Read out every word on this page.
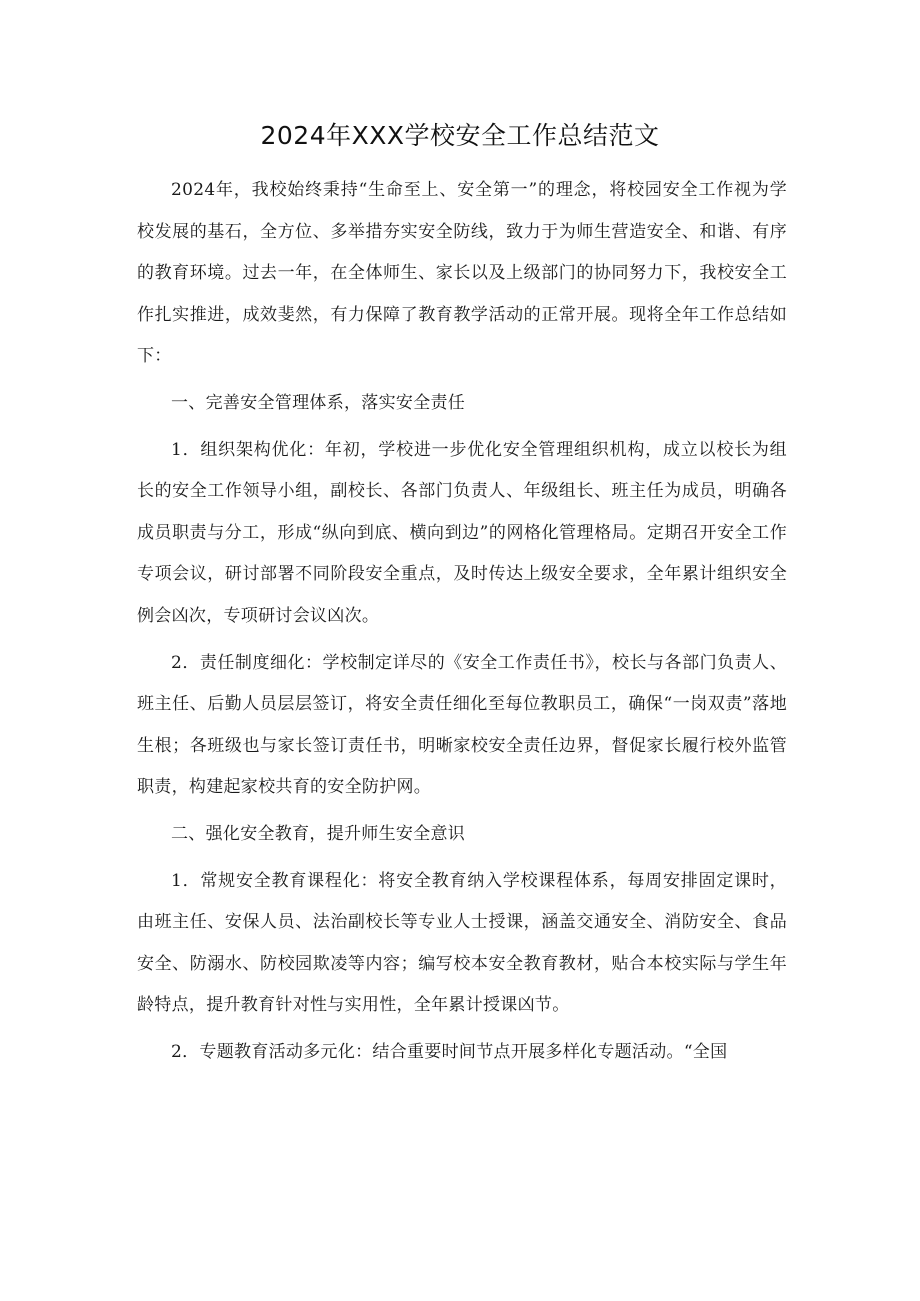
2024年XXX学校安全工作总结范文

2024年，我校始终秉持“生命至上、安全第一”的理念，将校园安全工作视为学校发展的基石，全方位、多举措夯实安全防线，致力于为师生营造安全、和谐、有序的教育环境。过去一年，在全体师生、家长以及上级部门的协同努力下，我校安全工作扎实推进，成效斐然，有力保障了教育教学活动的正常开展。现将全年工作总结如下：

一、完善安全管理体系，落实安全责任

1．组织架构优化：年初，学校进一步优化安全管理组织机构，成立以校长为组长的安全工作领导小组，副校长、各部门负责人、年级组长、班主任为成员，明确各成员职责与分工，形成“纵向到底、横向到边”的网格化管理格局。定期召开安全工作专项会议，研讨部署不同阶段安全重点，及时传达上级安全要求，全年累计组织安全例会凶次，专项研讨会议凶次。

2．责任制度细化：学校制定详尽的《安全工作责任书》，校长与各部门负责人、班主任、后勤人员层层签订，将安全责任细化至每位教职员工，确保“一岗双责”落地生根；各班级也与家长签订责任书，明晰家校安全责任边界，督促家长履行校外监管职责，构建起家校共育的安全防护网。

二、强化安全教育，提升师生安全意识

1．常规安全教育课程化：将安全教育纳入学校课程体系，每周安排固定课时，由班主任、安保人员、法治副校长等专业人士授课，涵盖交通安全、消防安全、食品安全、防溺水、防校园欺凌等内容；编写校本安全教育教材，贴合本校实际与学生年龄特点，提升教育针对性与实用性，全年累计授课凶节。

2．专题教育活动多元化：结合重要时间节点开展多样化专题活动。“全国
